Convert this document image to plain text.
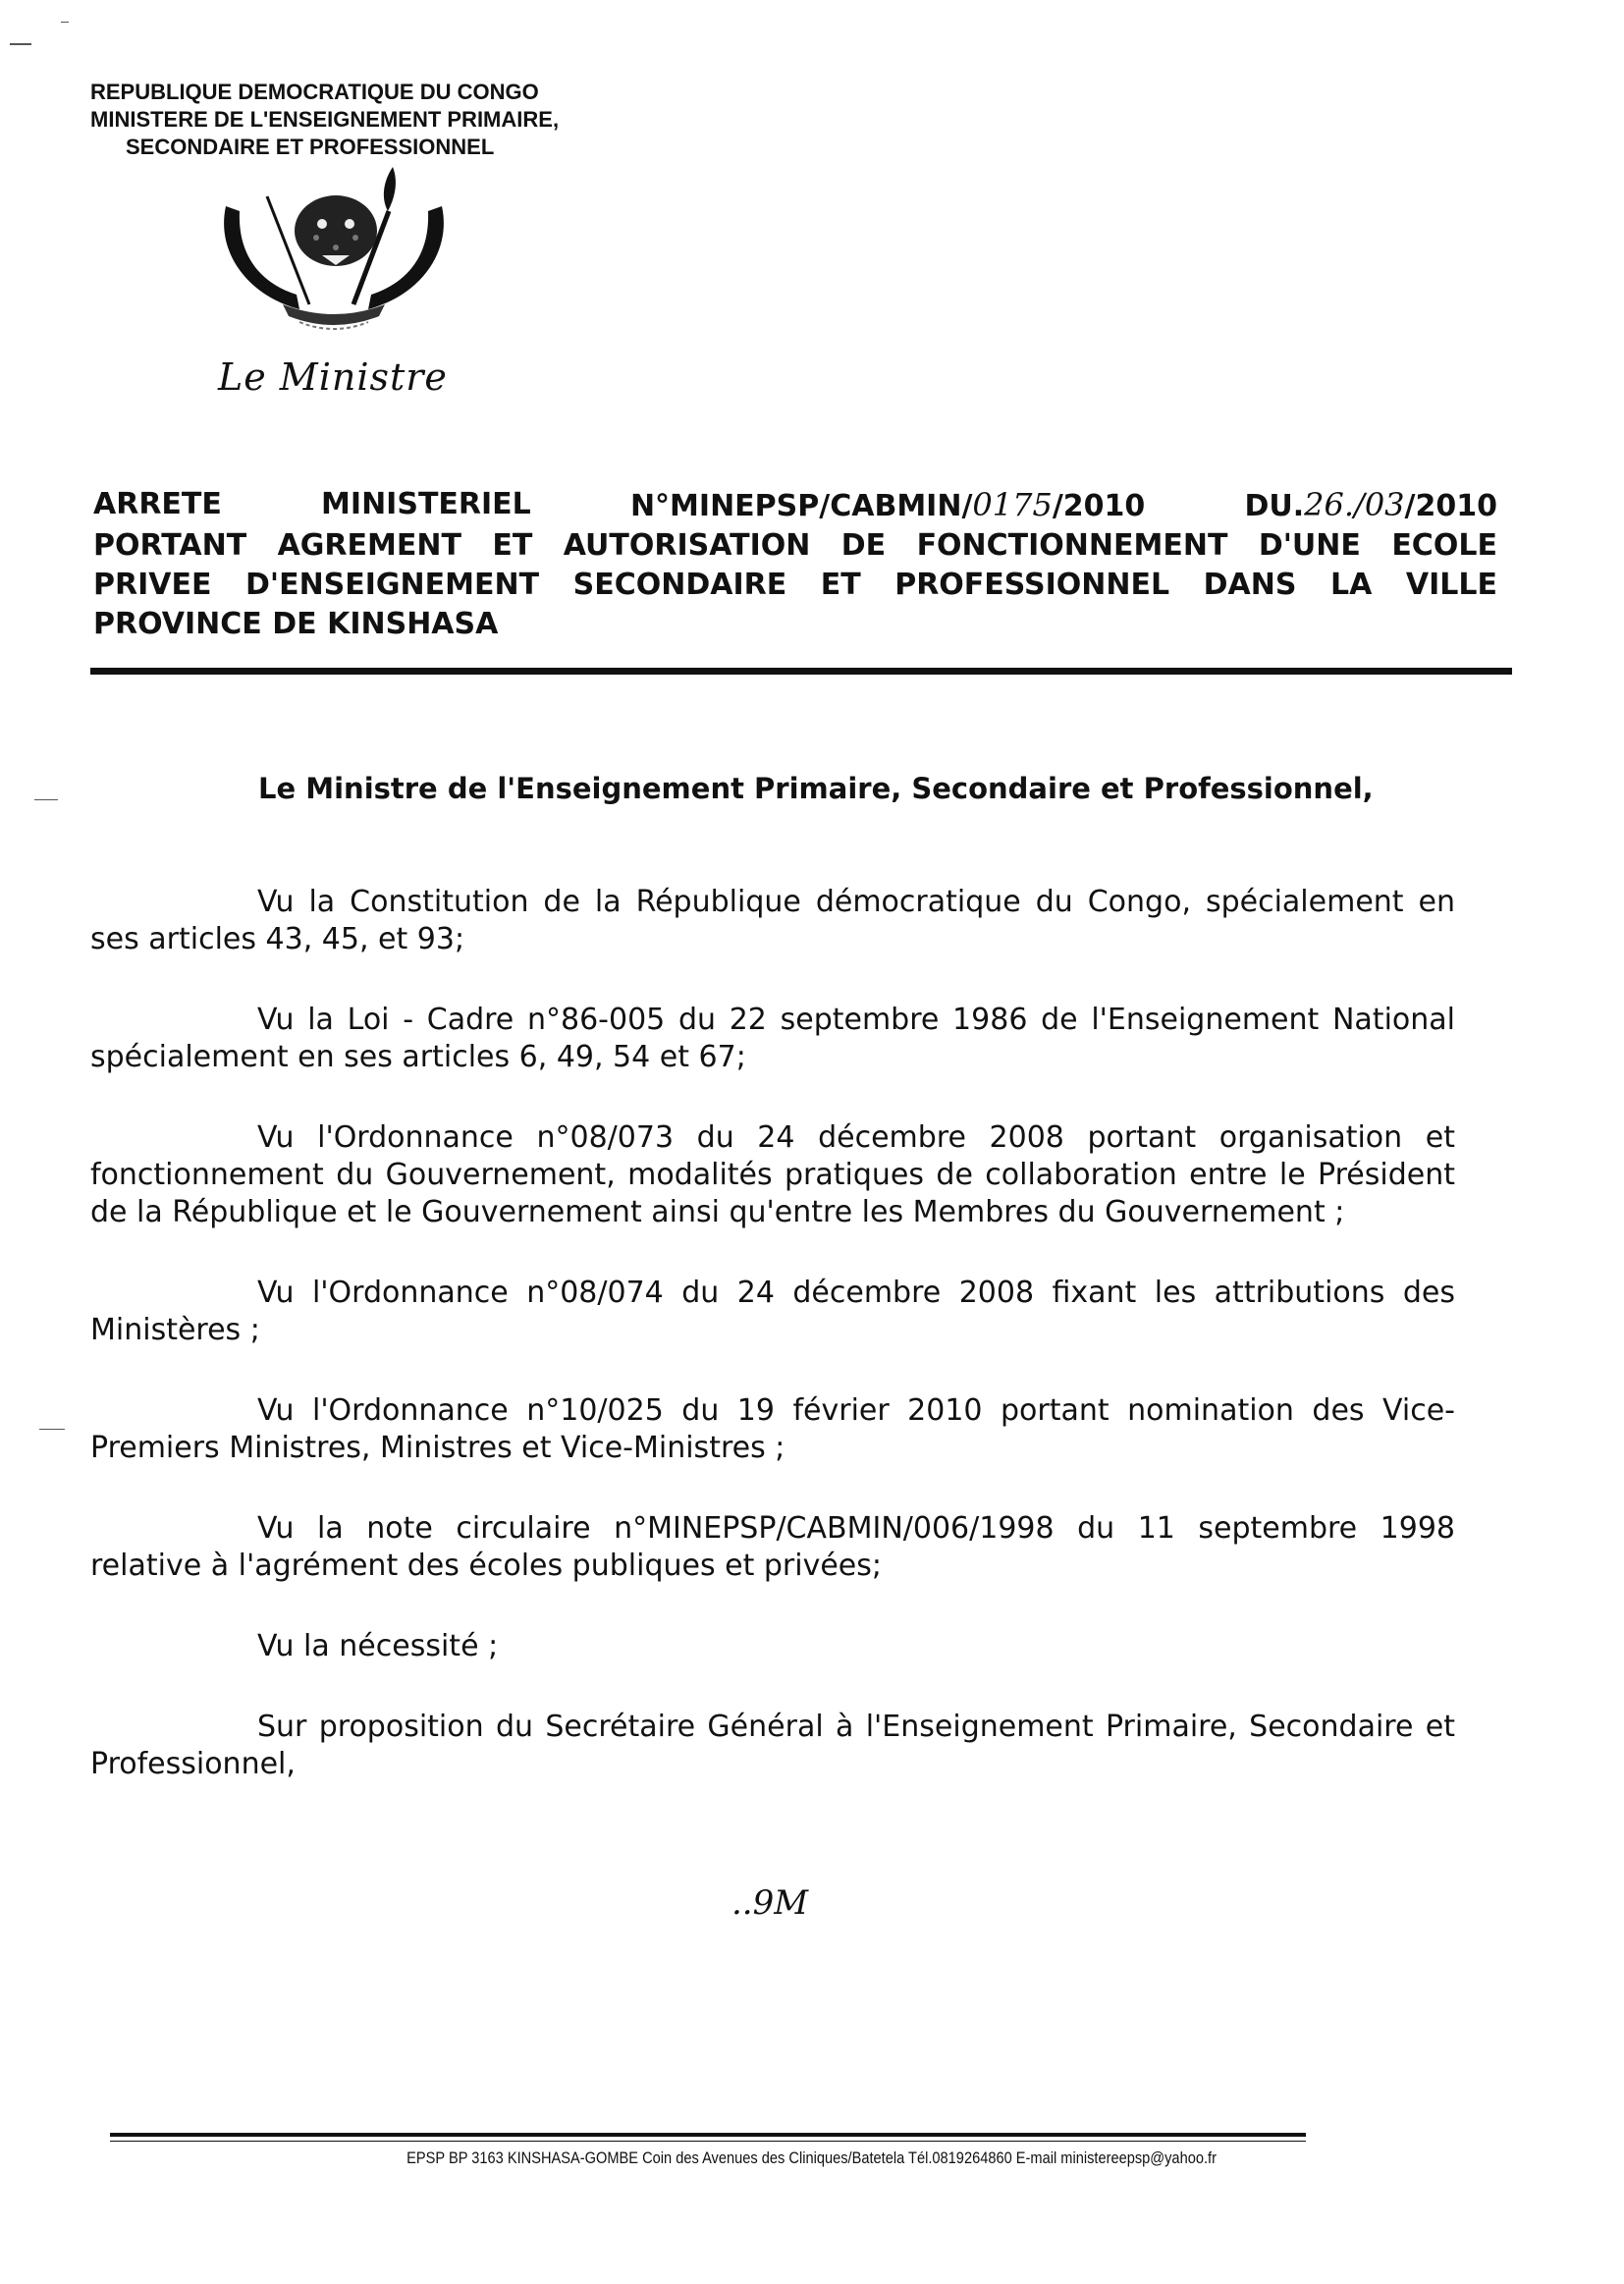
REPUBLIQUE DEMOCRATIQUE DU CONGO
MINISTERE DE L'ENSEIGNEMENT PRIMAIRE,
SECONDAIRE ET PROFESSIONNEL
Le Ministre
ARRETE	MINISTERIEL	N°MINEPSP/CABMIN/0175/2010	DU.26./03/2010
PORTANT AGREMENT ET AUTORISATION DE FONCTIONNEMENT D'UNE ECOLE
PRIVEE D'ENSEIGNEMENT SECONDAIRE ET PROFESSIONNEL DANS LA VILLE
PROVINCE DE KINSHASA
Le Ministre de l'Enseignement Primaire, Secondaire et Professionnel,

Vu la Constitution de la République démocratique du Congo, spécialement en ses articles 43, 45, et 93;

Vu la Loi - Cadre n°86-005 du 22 septembre 1986 de l'Enseignement National spécialement en ses articles 6, 49, 54 et 67;

Vu l'Ordonnance n°08/073 du 24 décembre 2008 portant organisation et fonctionnement du Gouvernement, modalités pratiques de collaboration entre le Président de la République et le Gouvernement ainsi qu'entre les Membres du Gouvernement ;

Vu l'Ordonnance n°08/074 du 24 décembre 2008 fixant les attributions des Ministères ;

Vu l'Ordonnance n°10/025 du 19 février 2010 portant nomination des Vice-Premiers Ministres, Ministres et Vice-Ministres ;

Vu la note circulaire n°MINEPSP/CABMIN/006/1998 du 11 septembre 1998 relative à l'agrément des écoles publiques et privées;

Vu la nécessité ;

Sur proposition du Secrétaire Général à l'Enseignement Primaire, Secondaire et Professionnel,

..9M
EPSP BP 3163 KINSHASA-GOMBE Coin des Avenues des Cliniques/Batetela Tél.0819264860 E-mail ministereepsp@yahoo.fr
